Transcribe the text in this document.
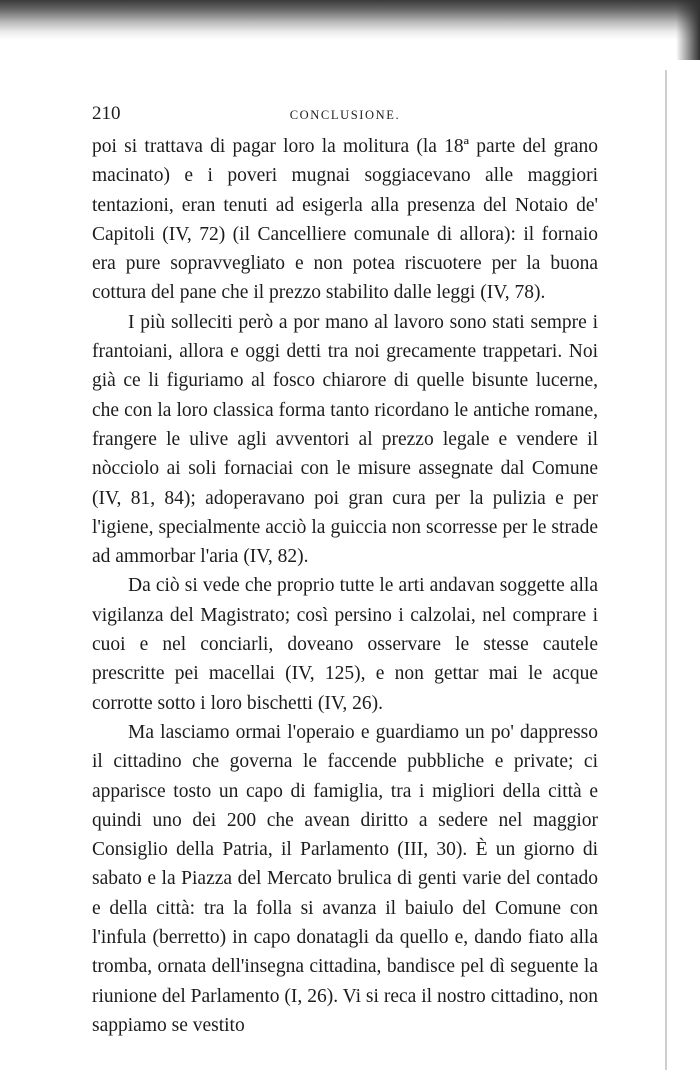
210	CONCLUSIONE.

poi si trattava di pagar loro la molitura (la 18ª parte del grano macinato) e i poveri mugnai soggiacevano alle maggiori tentazioni, eran tenuti ad esigerla alla presenza del Notaio de' Capitoli (IV, 72) (il Cancelliere comunale di allora): il fornaio era pure sopravvegliato e non potea riscuotere per la buona cottura del pane che il prezzo stabilito dalle leggi (IV, 78).

I più solleciti però a por mano al lavoro sono stati sempre i frantoiani, allora e oggi detti tra noi grecamente trappetari. Noi già ce li figuriamo al fosco chiarore di quelle bisunte lucerne, che con la loro classica forma tanto ricordano le antiche romane, frangere le ulive agli avventori al prezzo legale e vendere il nòcciolo ai soli fornaciai con le misure assegnate dal Comune (IV, 81, 84); adoperavano poi gran cura per la pulizia e per l'igiene, specialmente acciò la guiccia non scorresse per le strade ad ammorbar l'aria (IV, 82).

Da ciò si vede che proprio tutte le arti andavan soggette alla vigilanza del Magistrato; così persino i calzolai, nel comprare i cuoi e nel conciarli, doveano osservare le stesse cautele prescritte pei macellai (IV, 125), e non gettar mai le acque corrotte sotto i loro bischetti (IV, 26).

Ma lasciamo ormai l'operaio e guardiamo un po' dappresso il cittadino che governa le faccende pubbliche e private; ci apparisce tosto un capo di famiglia, tra i migliori della città e quindi uno dei 200 che avean diritto a sedere nel maggior Consiglio della Patria, il Parlamento (III, 30). È un giorno di sabato e la Piazza del Mercato brulica di genti varie del contado e della città: tra la folla si avanza il baiulo del Comune con l'infula (berretto) in capo donatagli da quello e, dando fiato alla tromba, ornata dell'insegna cittadina, bandisce pel dì seguente la riunione del Parlamento (I, 26). Vi si reca il nostro cittadino, non sappiamo se vestito
